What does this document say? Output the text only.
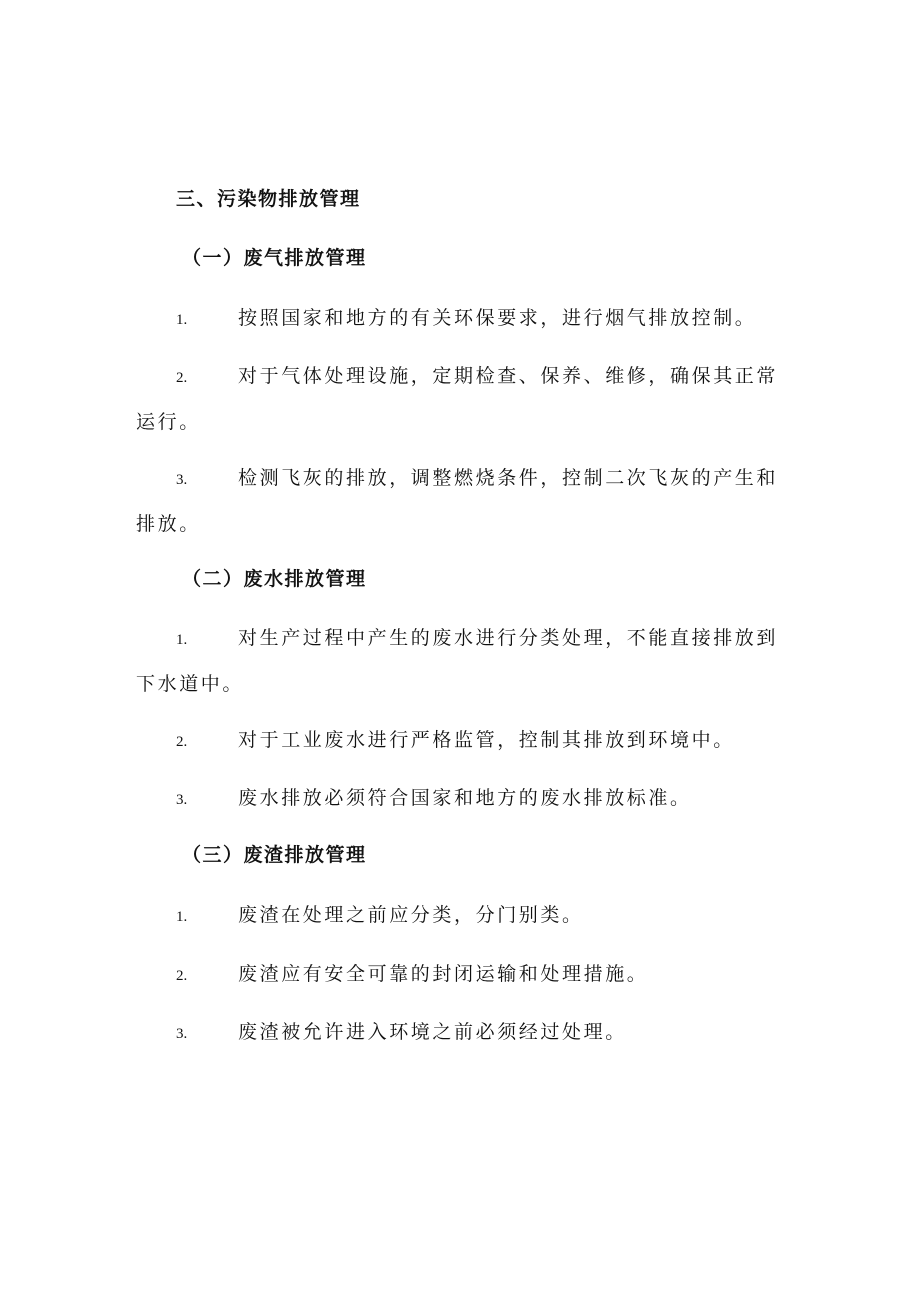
三、污染物排放管理
（一）废气排放管理
1.	按照国家和地方的有关环保要求，进行烟气排放控制。
2.	对于气体处理设施，定期检查、保养、维修，确保其正常
运行。
3.	检测飞灰的排放，调整燃烧条件，控制二次飞灰的产生和
排放。
（二）废水排放管理
1.	对生产过程中产生的废水进行分类处理，不能直接排放到
下水道中。
2.	对于工业废水进行严格监管，控制其排放到环境中。
3.	废水排放必须符合国家和地方的废水排放标准。
（三）废渣排放管理
1.	废渣在处理之前应分类，分门别类。
2.	废渣应有安全可靠的封闭运输和处理措施。
3.	废渣被允许进入环境之前必须经过处理。
